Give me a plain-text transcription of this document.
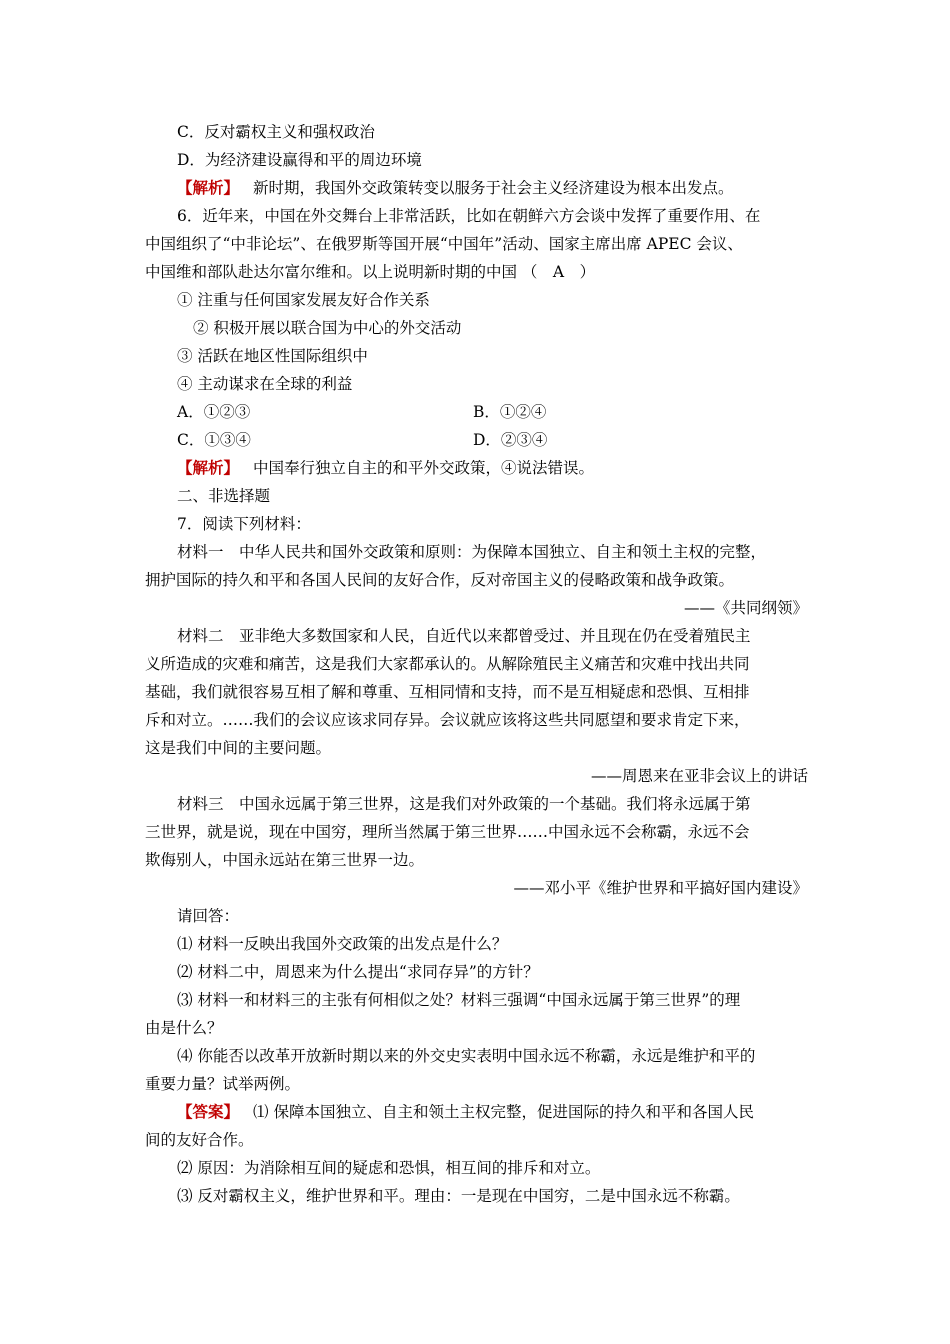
C．反对霸权主义和强权政治
D．为经济建设赢得和平的周边环境
【解析】 新时期，我国外交政策转变以服务于社会主义经济建设为根本出发点。
6．近年来，中国在外交舞台上非常活跃，比如在朝鲜六方会谈中发挥了重要作用、在
中国组织了“中非论坛”、在俄罗斯等国开展“中国年”活动、国家主席出席 APEC 会议、
中国维和部队赴达尔富尔维和。以上说明新时期的中国 （　A　）
① 注重与任何国家发展友好合作关系
② 积极开展以联合国为中心的外交活动
③ 活跃在地区性国际组织中
④ 主动谋求在全球的利益
A．①②③	B．①②④
C．①③④	D．②③④
【解析】 中国奉行独立自主的和平外交政策，④说法错误。
二、非选择题
7．阅读下列材料：
材料一　中华人民共和国外交政策和原则：为保障本国独立、自主和领土主权的完整，
拥护国际的持久和平和各国人民间的友好合作，反对帝国主义的侵略政策和战争政策。
——《共同纲领》
材料二　亚非绝大多数国家和人民，自近代以来都曾受过、并且现在仍在受着殖民主
义所造成的灾难和痛苦，这是我们大家都承认的。从解除殖民主义痛苦和灾难中找出共同
基础，我们就很容易互相了解和尊重、互相同情和支持，而不是互相疑虑和恐惧、互相排
斥和对立。……我们的会议应该求同存异。会议就应该将这些共同愿望和要求肯定下来，
这是我们中间的主要问题。
——周恩来在亚非会议上的讲话
材料三　中国永远属于第三世界，这是我们对外政策的一个基础。我们将永远属于第
三世界，就是说，现在中国穷，理所当然属于第三世界……中国永远不会称霸，永远不会
欺侮别人，中国永远站在第三世界一边。
——邓小平《维护世界和平搞好国内建设》
请回答：
⑴ 材料一反映出我国外交政策的出发点是什么？
⑵ 材料二中，周恩来为什么提出“求同存异”的方针？
⑶ 材料一和材料三的主张有何相似之处？材料三强调“中国永远属于第三世界”的理
由是什么？
⑷ 你能否以改革开放新时期以来的外交史实表明中国永远不称霸，永远是维护和平的
重要力量？试举两例。
【答案】 ⑴ 保障本国独立、自主和领土主权完整，促进国际的持久和平和各国人民
间的友好合作。
⑵ 原因：为消除相互间的疑虑和恐惧，相互间的排斥和对立。
⑶ 反对霸权主义，维护世界和平。理由：一是现在中国穷，二是中国永远不称霸。
